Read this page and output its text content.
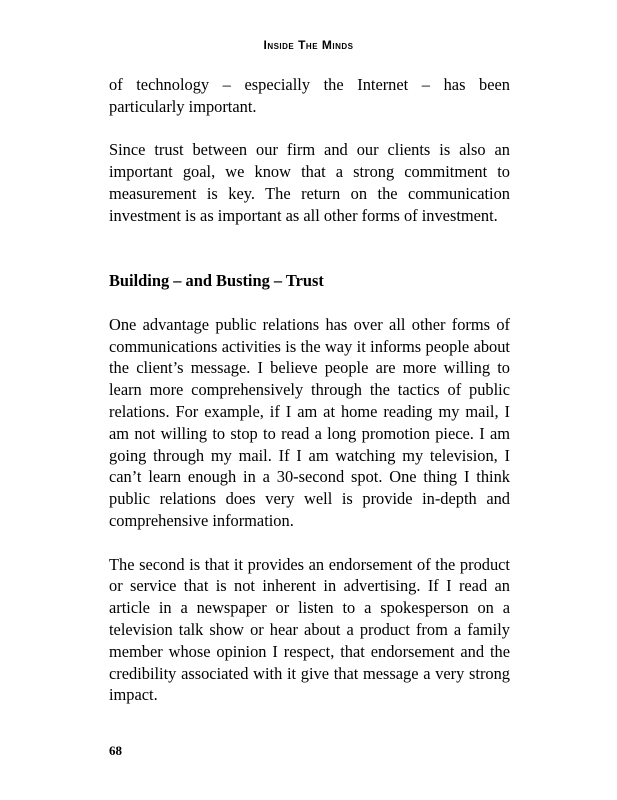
Inside The Minds

of technology – especially the Internet – has been particularly important.

Since trust between our firm and our clients is also an important goal, we know that a strong commitment to measurement is key. The return on the communication investment is as important as all other forms of investment.

Building – and Busting – Trust

One advantage public relations has over all other forms of communications activities is the way it informs people about the client’s message. I believe people are more willing to learn more comprehensively through the tactics of public relations. For example, if I am at home reading my mail, I am not willing to stop to read a long promotion piece. I am going through my mail. If I am watching my television, I can’t learn enough in a 30-second spot. One thing I think public relations does very well is provide in-depth and comprehensive information.

The second is that it provides an endorsement of the product or service that is not inherent in advertising. If I read an article in a newspaper or listen to a spokesperson on a television talk show or hear about a product from a family member whose opinion I respect, that endorsement and the credibility associated with it give that message a very strong impact.

68
